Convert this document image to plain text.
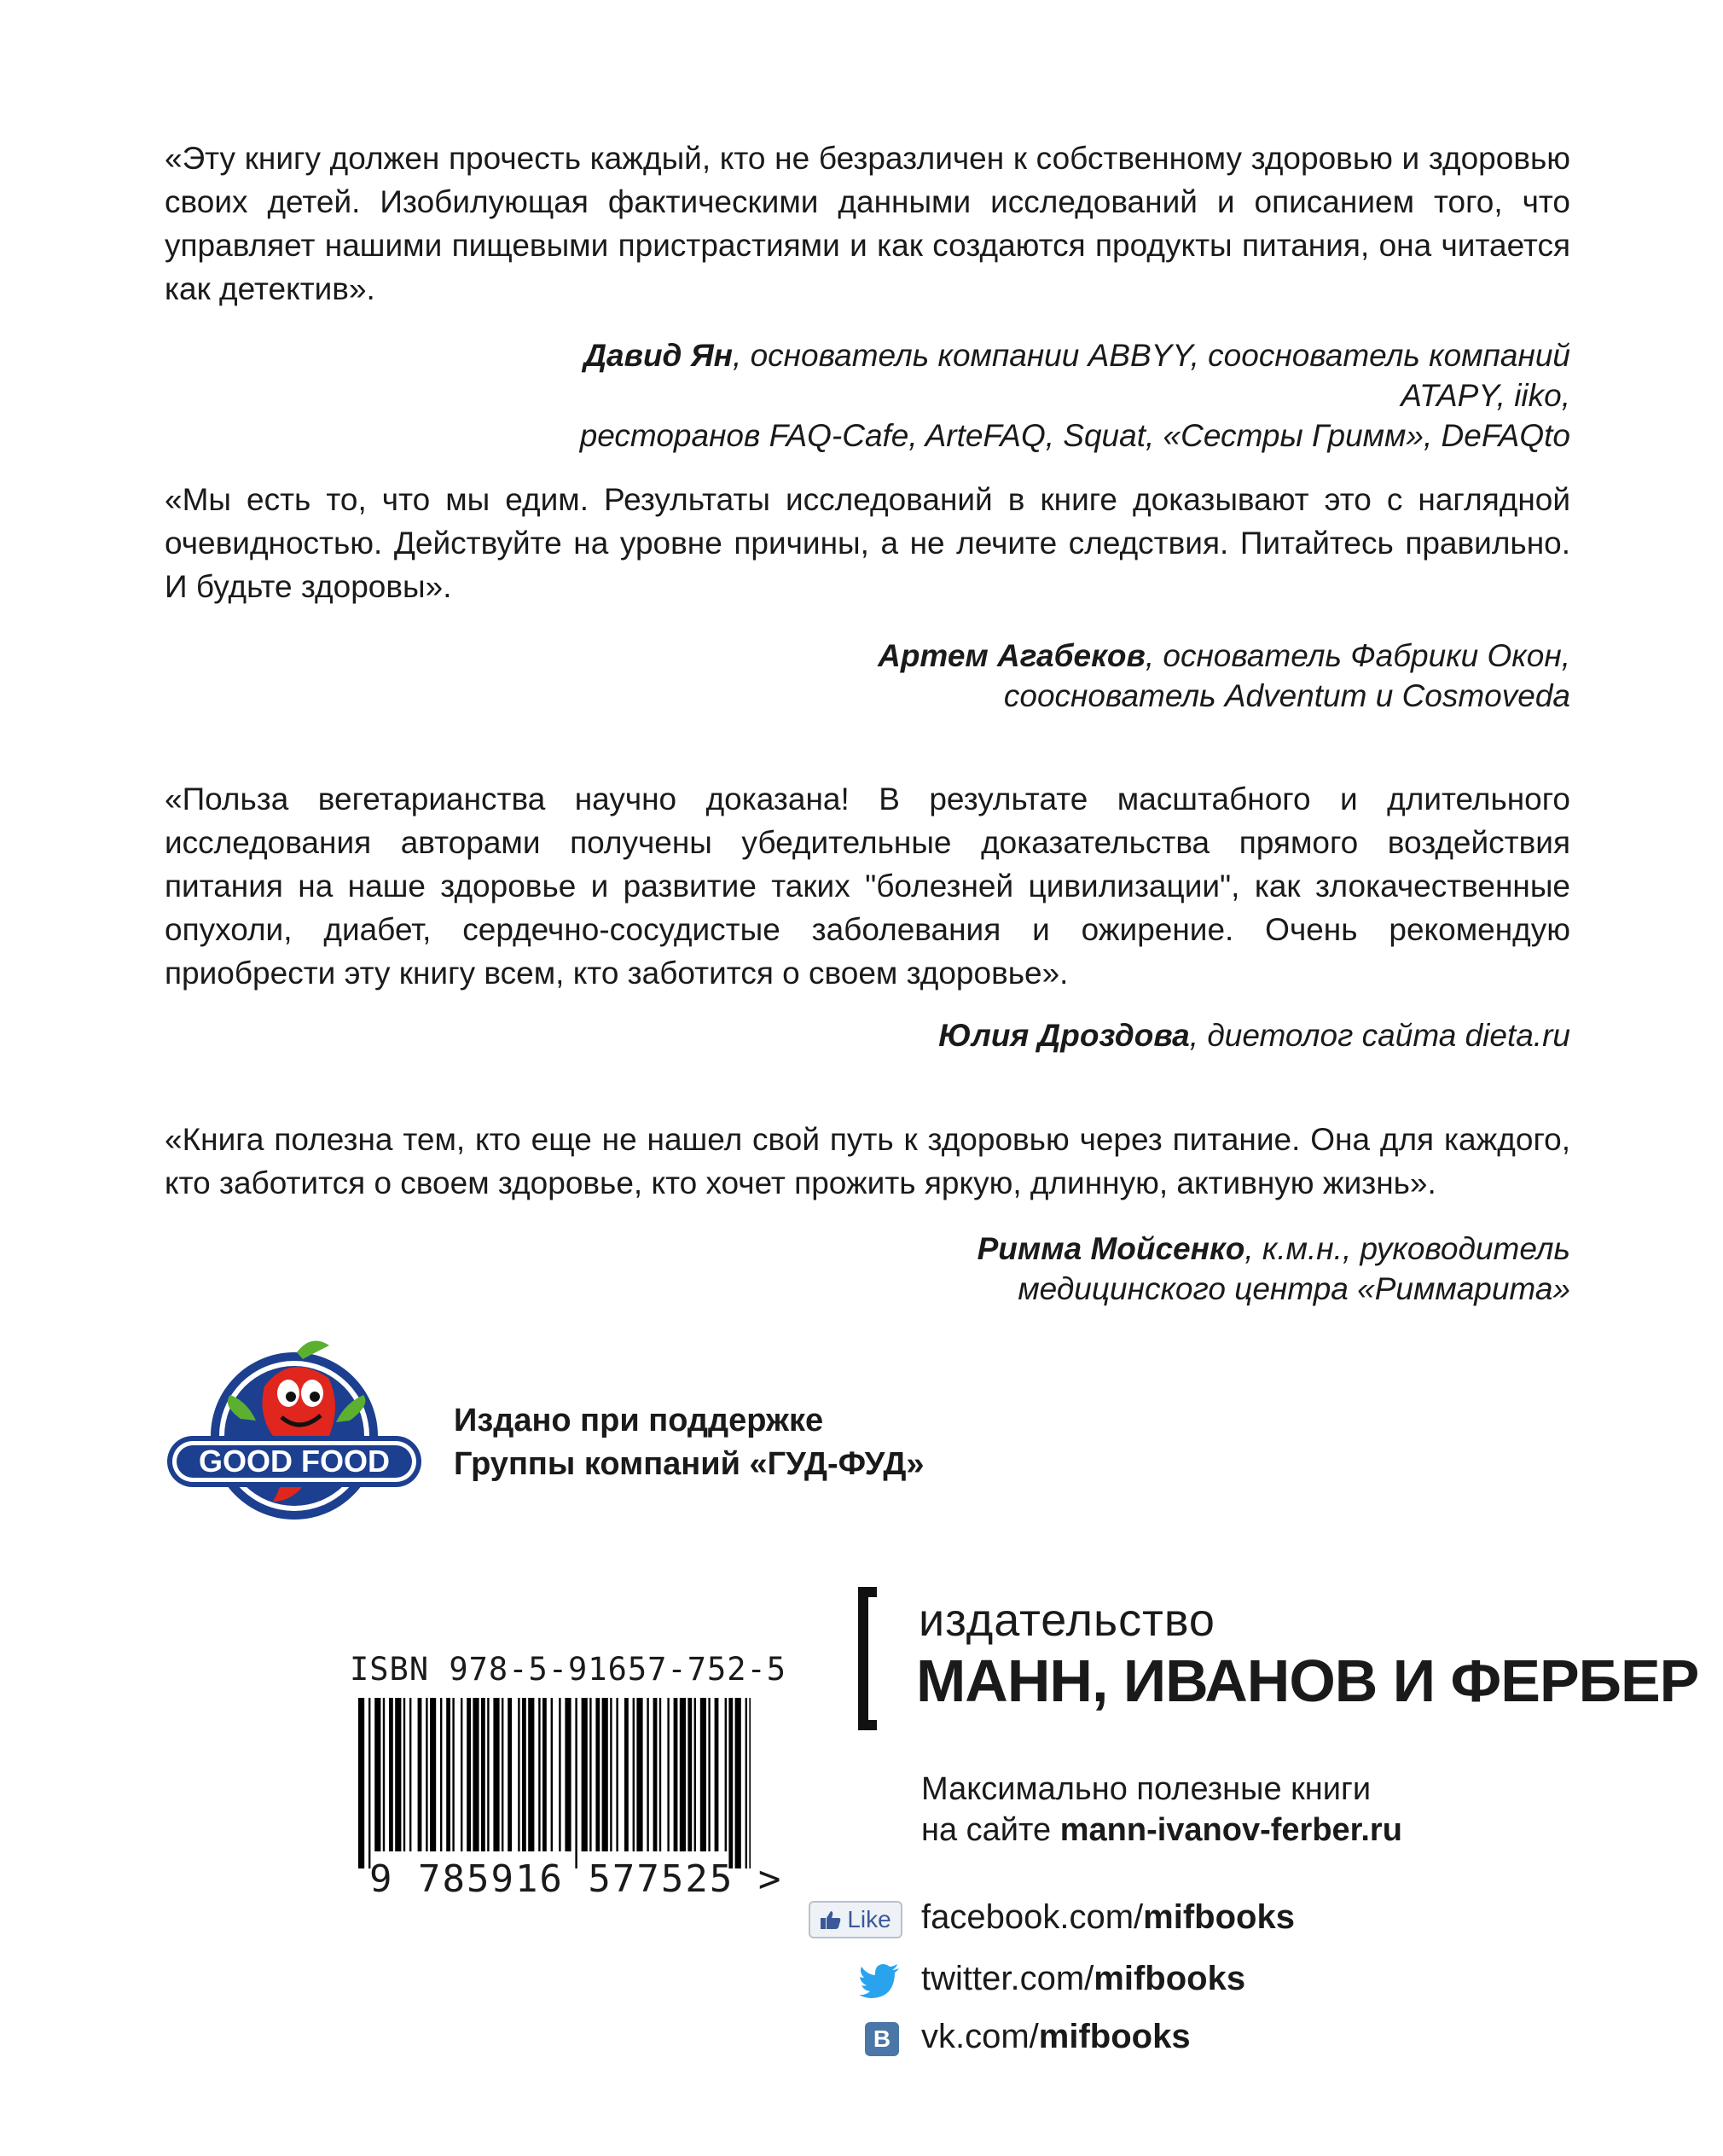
«Эту книгу должен прочесть каждый, кто не безразличен к собственному здоровью и здоровью своих детей. Изобилующая фактическими данными исследований и описанием того, что управляет нашими пищевыми пристрастиями и как создаются продукты питания, она читается как детектив».

Давид Ян, основатель компании ABBYY, сооснователь компаний ATAPY, iiko,
ресторанов FAQ-Cafe, ArteFAQ, Squat, «Сестры Гримм», DeFAQto

«Мы есть то, что мы едим. Результаты исследований в книге доказывают это с наглядной очевидностью. Действуйте на уровне причины, а не лечите следствия. Питайтесь правильно. И будьте здоровы».

Артем Агабеков, основатель Фабрики Окон,
сооснователь Adventum и Cosmoveda

«Польза вегетарианства научно доказана! В результате масштабного и длительного исследования авторами получены убедительные доказательства прямого воздействия питания на наше здоровье и развитие таких "болезней цивилизации", как злокачественные опухоли, диабет, сердечно-сосудистые заболевания и ожирение. Очень рекомендую приобрести эту книгу всем, кто заботится о своем здоровье».

Юлия Дроздова, диетолог сайта dieta.ru

«Книга полезна тем, кто еще не нашел свой путь к здоровью через питание. Она для каждого, кто заботится о своем здоровье, кто хочет прожить яркую, длинную, активную жизнь».

Римма Мойсенко, к.м.н., руководитель
медицинского центра «Риммарита»

GOOD FOOD
Издано при поддержке
Группы компаний «ГУД-ФУД»
ISBN 978-5-91657-752-5
9 785916 577525 >
издательство
МАНН, ИВАНОВ И ФЕРБЕР
Максимально полезные книги
на сайте mann-ivanov-ferber.ru
Like facebook.com/mifbooks
twitter.com/mifbooks
B vk.com/mifbooks
